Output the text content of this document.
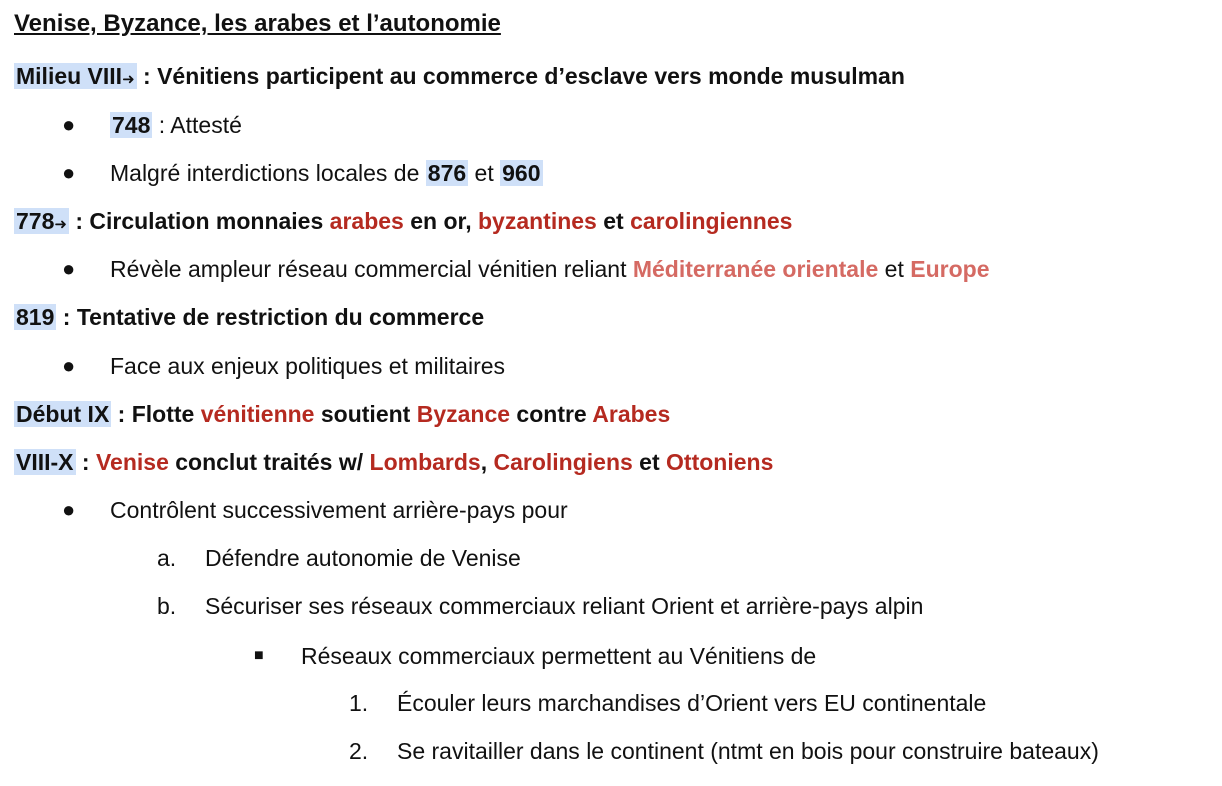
Venise, Byzance, les arabes et l’autonomie
Milieu VIII➜ : Vénitiens participent au commerce d’esclave vers monde musulman
● 748 : Attesté
● Malgré interdictions locales de 876 et 960
778➜ : Circulation monnaies arabes en or, byzantines et carolingiennes
● Révèle ampleur réseau commercial vénitien reliant Méditerranée orientale et Europe
819 : Tentative de restriction du commerce
● Face aux enjeux politiques et militaires
Début IX : Flotte vénitienne soutient Byzance contre Arabes
VIII-X : Venise conclut traités w/ Lombards, Carolingiens et Ottoniens
● Contrôlent successivement arrière-pays pour
a. Défendre autonomie de Venise
b. Sécuriser ses réseaux commerciaux reliant Orient et arrière-pays alpin
■ Réseaux commerciaux permettent au Vénitiens de
1. Écouler leurs marchandises d’Orient vers EU continentale
2. Se ravitailler dans le continent (ntmt en bois pour construire bateaux)
